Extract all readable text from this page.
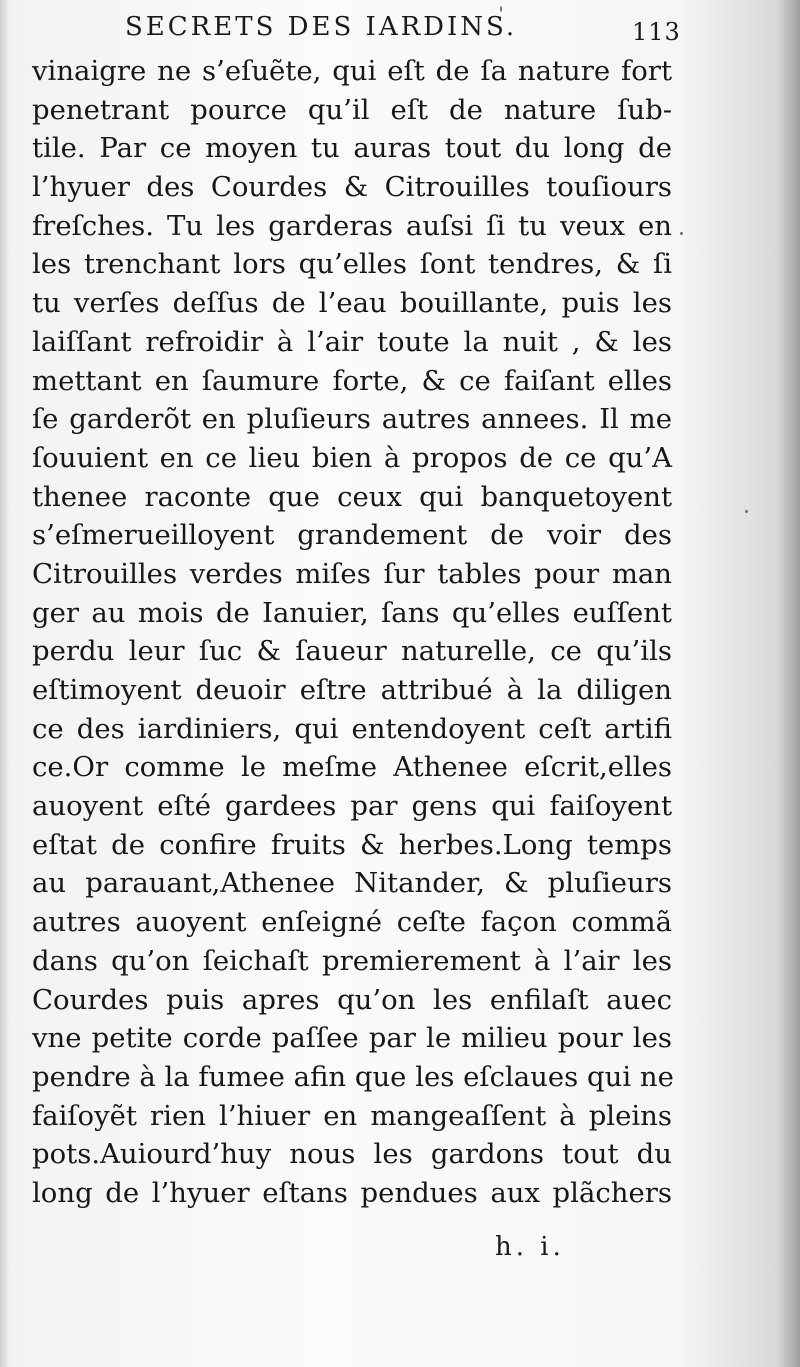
SECRETS DES IARDINS.	113
vinaigre ne s’eſuẽte, qui eſt de ſa nature fort
penetrant pource qu’il eſt de nature ſub-
tile. Par ce moyen tu auras tout du long de
l’hyuer des Courdes & Citrouilles touſiours
freſches. Tu les garderas auſsi ſi tu veux en
les trenchant lors qu’elles ſont tendres, & ſi
tu verſes deſſus de l’eau bouillante, puis les
laiſſant refroidir à l’air toute la nuit , & les
mettant en ſaumure forte, & ce faiſant elles
ſe garderõt en pluſieurs autres annees. Il me
ſouuient en ce lieu bien à propos de ce qu’A
thenee raconte que ceux qui banquetoyent
s’eſmerueilloyent grandement de voir des
Citrouilles verdes miſes ſur tables pour man
ger au mois de Ianuier, ſans qu’elles euſſent
perdu leur ſuc & ſaueur naturelle, ce qu’ils
eſtimoyent deuoir eſtre attribué à la diligen
ce des iardiniers, qui entendoyent ceſt artifi
ce.Or comme le meſme Athenee eſcrit,elles
auoyent eſté gardees par gens qui faiſoyent
eſtat de confire fruits & herbes.Long temps
au parauant,Athenee Nitander, & pluſieurs
autres auoyent enſeigné ceſte façon commã
dans qu’on ſeichaſt premierement à l’air les
Courdes puis apres qu’on les enfilaſt auec
vne petite corde paſſee par le milieu pour les
pendre à la fumee afin que les eſclaues qui ne
faiſoyẽt rien l’hiuer en mangeaſſent à pleins
pots.Auiourd’huy nous les gardons tout du
long de l’hyuer eſtans pendues aux plãchers
h. i.
